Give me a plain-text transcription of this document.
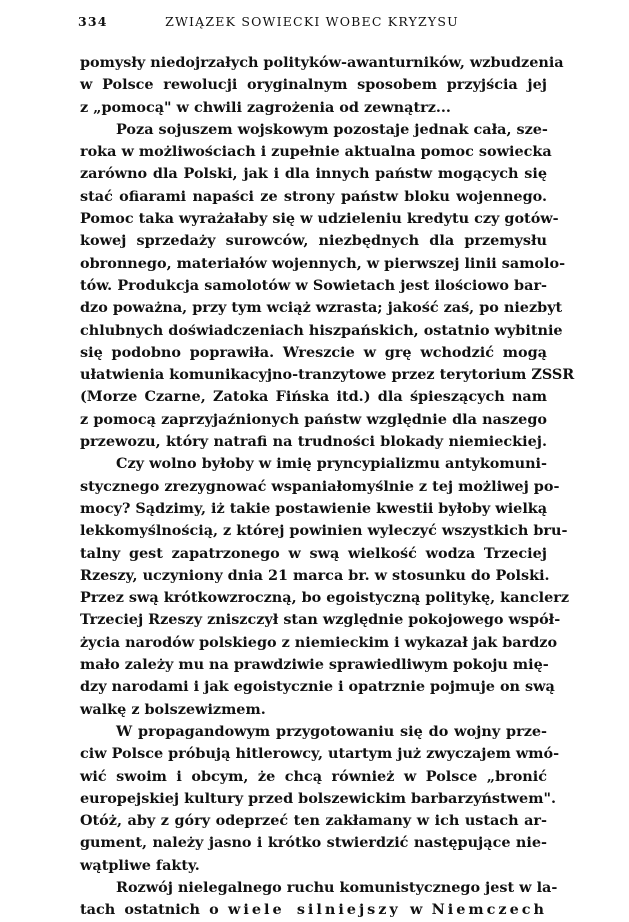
334	ZWIĄZEK SOWIECKI WOBEC KRYZYSU
pomysły niedojrzałych polityków-awanturników, wzbudzenia
w Polsce rewolucji oryginalnym sposobem przyjścia jej
z „pomocą" w chwili zagrożenia od zewnątrz...
Poza sojuszem wojskowym pozostaje jednak cała, sze-
roka w możliwościach i zupełnie aktualna pomoc sowiecka
zarówno dla Polski, jak i dla innych państw mogących się
stać ofiarami napaści ze strony państw bloku wojennego.
Pomoc taka wyrażałaby się w udzieleniu kredytu czy gotów-
kowej sprzedaży surowców, niezbędnych dla przemysłu
obronnego, materiałów wojennych, w pierwszej linii samolo-
tów. Produkcja samolotów w Sowietach jest ilościowo bar-
dzo poważna, przy tym wciąż wzrasta; jakość zaś, po niezbyt
chlubnych doświadczeniach hiszpańskich, ostatnio wybitnie
się podobno poprawiła. Wreszcie w grę wchodzić mogą
ułatwienia komunikacyjno-tranzytowe przez terytorium ZSSR
(Morze Czarne, Zatoka Fińska itd.) dla śpieszących nam
z pomocą zaprzyjaźnionych państw względnie dla naszego
przewozu, który natrafi na trudności blokady niemieckiej.
Czy wolno byłoby w imię pryncypializmu antykomuni-
stycznego zrezygnować wspaniałomyślnie z tej możliwej po-
mocy? Sądzimy, iż takie postawienie kwestii byłoby wielką
lekkomyślnością, z której powinien wyleczyć wszystkich bru-
talny gest zapatrzonego w swą wielkość wodza Trzeciej
Rzeszy, uczyniony dnia 21 marca br. w stosunku do Polski.
Przez swą krótkowzroczną, bo egoistyczną politykę, kanclerz
Trzeciej Rzeszy zniszczył stan względnie pokojowego współ-
życia narodów polskiego z niemieckim i wykazał jak bardzo
mało zależy mu na prawdziwie sprawiedliwym pokoju mię-
dzy narodami i jak egoistycznie i opatrznie pojmuje on swą
walkę z bolszewizmem.
W propagandowym przygotowaniu się do wojny prze-
ciw Polsce próbują hitlerowcy, utartym już zwyczajem wmó-
wić swoim i obcym, że chcą również w Polsce „bronić
europejskiej kultury przed bolszewickim barbarzyństwem".
Otóż, aby z góry odeprzeć ten zakłamany w ich ustach ar-
gument, należy jasno i krótko stwierdzić następujące nie-
wątpliwe fakty.
Rozwój nielegalnego ruchu komunistycznego jest w la-
tach ostatnich o wiele silniejszy w Niemczech
